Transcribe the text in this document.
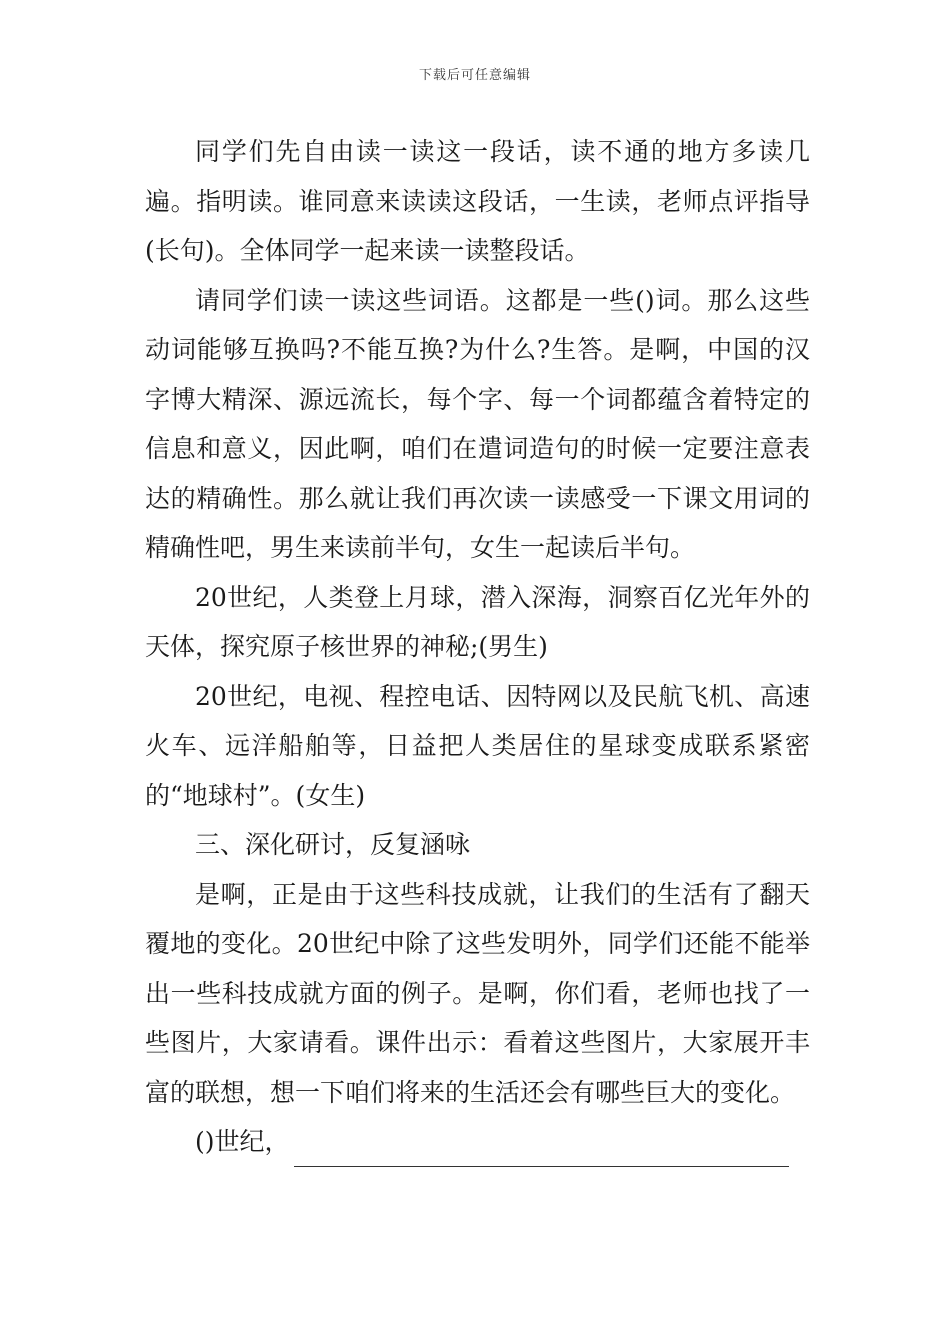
下载后可任意编辑

同学们先自由读一读这一段话，读不通的地方多读几遍。指明读。谁同意来读读这段话，一生读，老师点评指导(长句)。全体同学一起来读一读整段话。

请同学们读一读这些词语。这都是一些()词。那么这些动词能够互换吗?不能互换?为什么?生答。是啊，中国的汉字博大精深、源远流长，每个字、每一个词都蕴含着特定的信息和意义，因此啊，咱们在遣词造句的时候一定要注意表达的精确性。那么就让我们再次读一读感受一下课文用词的精确性吧，男生来读前半句，女生一起读后半句。

20世纪，人类登上月球，潜入深海，洞察百亿光年外的天体，探究原子核世界的神秘;(男生)

20世纪，电视、程控电话、因特网以及民航飞机、高速火车、远洋船舶等，日益把人类居住的星球变成联系紧密的“地球村”。(女生)

三、深化研讨，反复涵咏

是啊，正是由于这些科技成就，让我们的生活有了翻天覆地的变化。20世纪中除了这些发明外，同学们还能不能举出一些科技成就方面的例子。是啊，你们看，老师也找了一些图片，大家请看。课件出示：看着这些图片，大家展开丰富的联想，想一下咱们将来的生活还会有哪些巨大的变化。

()世纪，
